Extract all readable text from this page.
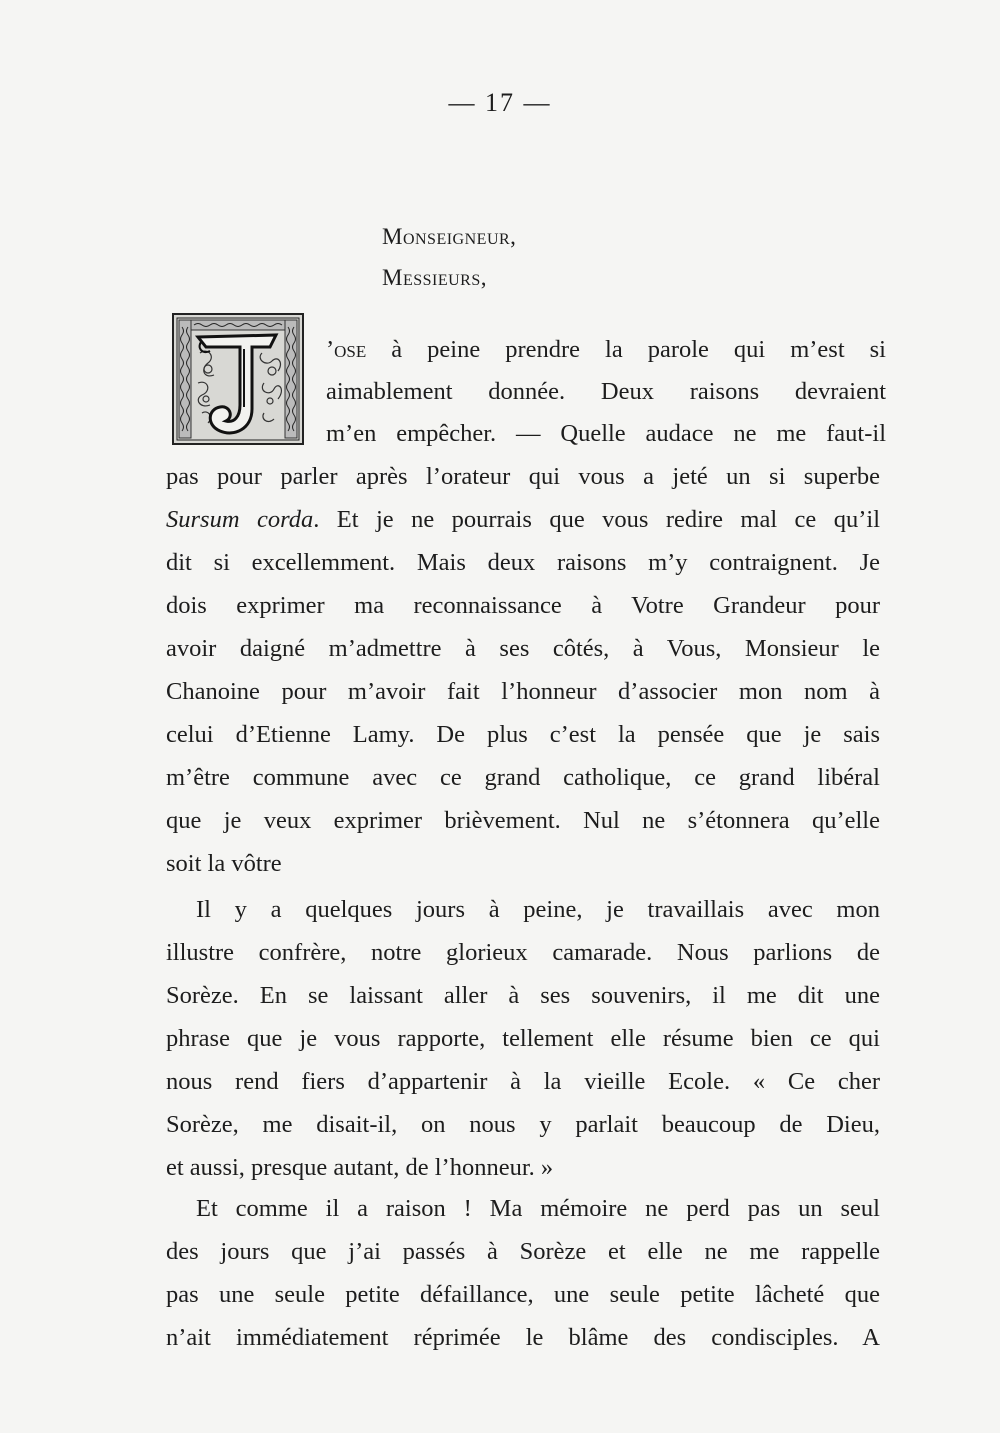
— 17 —
Monseigneur,
Messieurs,
’ose à peine prendre la parole qui m’est si
aimablement donnée. Deux raisons devraient
m’en empêcher. — Quelle audace ne me faut-il
pas pour parler après l’orateur qui vous a jeté un si superbe
Sursum corda. Et je ne pourrais que vous redire mal ce qu’il
dit si excellemment. Mais deux raisons m’y contraignent. Je
dois exprimer ma reconnaissance à Votre Grandeur pour
avoir daigné m’admettre à ses côtés, à Vous, Monsieur le
Chanoine pour m’avoir fait l’honneur d’associer mon nom à
celui d’Etienne Lamy. De plus c’est la pensée que je sais
m’être commune avec ce grand catholique, ce grand libéral
que je veux exprimer brièvement. Nul ne s’étonnera qu’elle
soit la vôtre
Il y a quelques jours à peine, je travaillais avec mon
illustre confrère, notre glorieux camarade. Nous parlions de
Sorèze. En se laissant aller à ses souvenirs, il me dit une
phrase que je vous rapporte, tellement elle résume bien ce qui
nous rend fiers d’appartenir à la vieille Ecole. « Ce cher
Sorèze, me disait-il, on nous y parlait beaucoup de Dieu,
et aussi, presque autant, de l’honneur. »
Et comme il a raison ! Ma mémoire ne perd pas un seul
des jours que j’ai passés à Sorèze et elle ne me rappelle
pas une seule petite défaillance, une seule petite lâcheté que
n’ait immédiatement réprimée le blâme des condisciples. A
